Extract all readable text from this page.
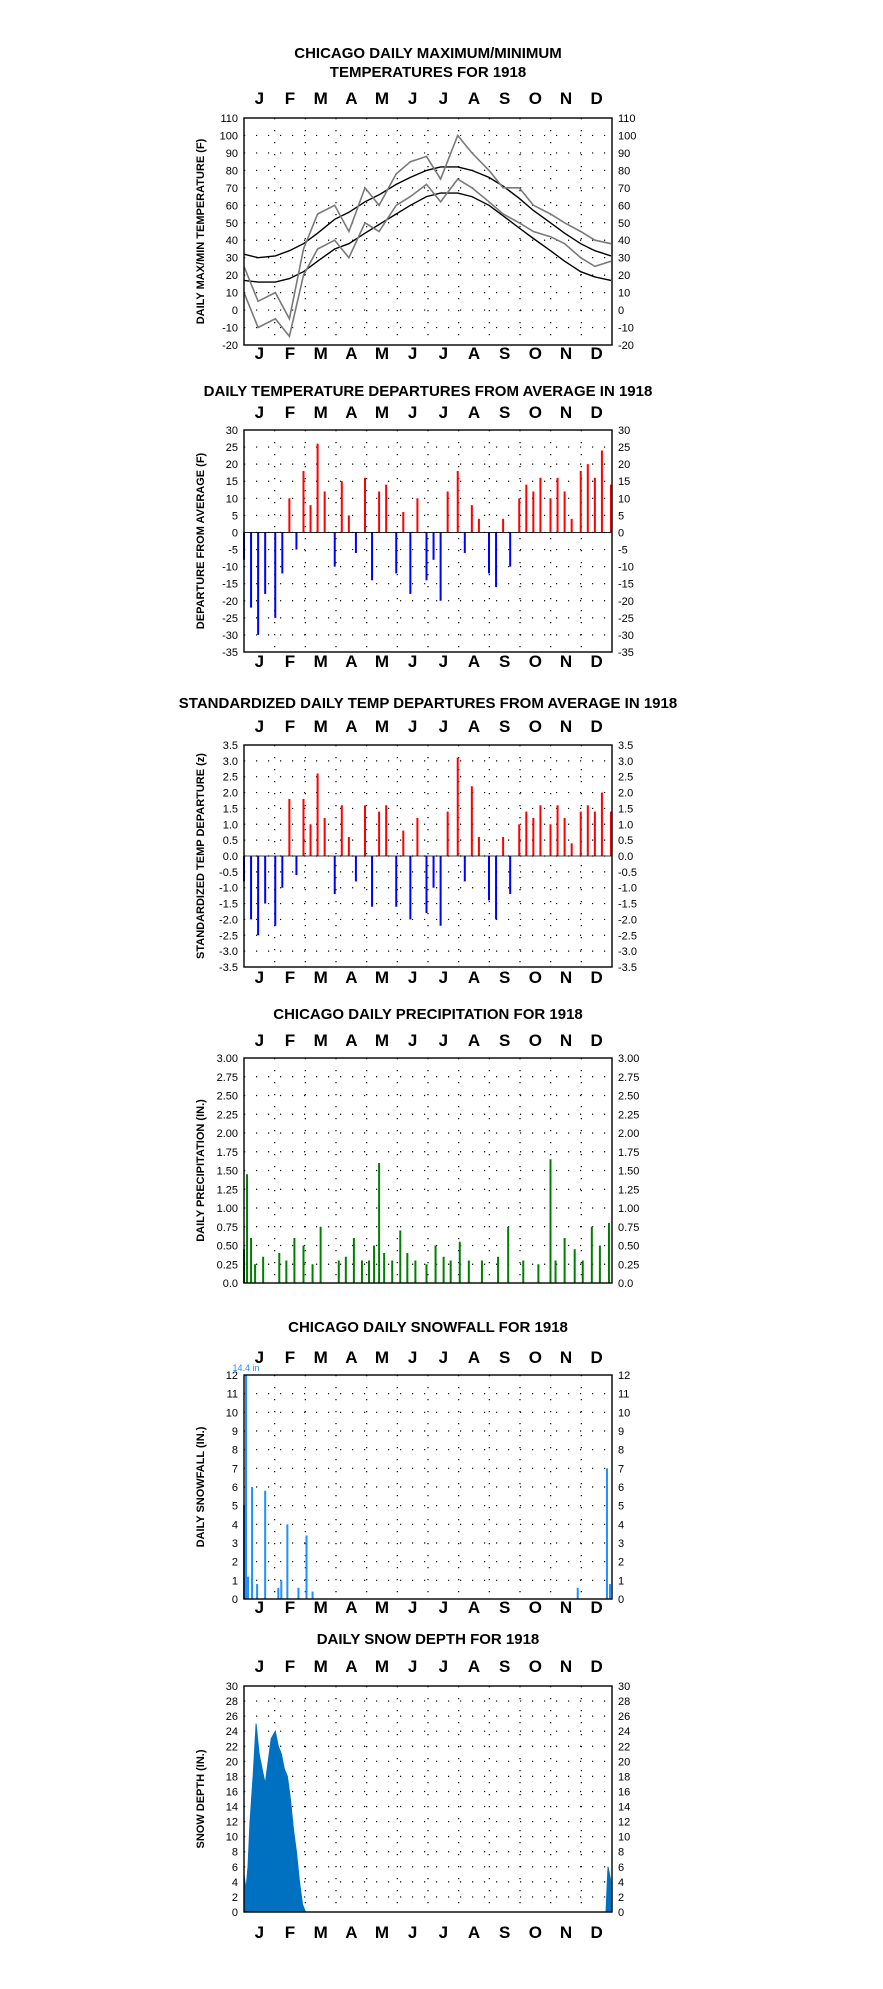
CHICAGO DAILY MAXIMUM/MINIMUM
TEMPERATURES FOR 1918
J F M A M J J A S O N D
J F M A M J J A S O N D
110	110
100	100
90	90
80	80
70	70
60	60
50	50
40	40
30	30
20	20
10	10
0	0
-10	-10
-20	-20
DAILY MAX/MIN TEMPERATURE (F)
DAILY TEMPERATURE DEPARTURES FROM AVERAGE IN 1918
J F M A M J J A S O N D
J F M A M J J A S O N D
30	30
25	25
20	20
15	15
10	10
5	5
0	0
-5	-5
-10	-10
-15	-15
-20	-20
-25	-25
-30	-30
-35	-35
DEPARTURE FROM AVERAGE (F)
STANDARDIZED DAILY TEMP DEPARTURES FROM AVERAGE IN 1918
J F M A M J J A S O N D
J F M A M J J A S O N D
3.5	3.5
3.0	3.0
2.5	2.5
2.0	2.0
1.5	1.5
1.0	1.0
0.5	0.5
0.0	0.0
-0.5	-0.5
-1.0	-1.0
-1.5	-1.5
-2.0	-2.0
-2.5	-2.5
-3.0	-3.0
-3.5	-3.5
STANDARDIZED TEMP DEPARTURE (z)
CHICAGO DAILY PRECIPITATION FOR 1918
J F M A M J J A S O N D
3.00	3.00
2.75	2.75
2.50	2.50
2.25	2.25
2.00	2.00
1.75	1.75
1.50	1.50
1.25	1.25
1.00	1.00
0.75	0.75
0.50	0.50
0.25	0.25
0.0	0.0
DAILY PRECIPITATION (IN.)
CHICAGO DAILY SNOWFALL FOR 1918
J F M A M J J A S O N D
J F M A M J J A S O N D
12	12
11	11
10	10
9	9
8	8
7	7
6	6
5	5
4	4
3	3
2	2
1	1
0	0
DAILY SNOWFALL (IN.)
14.4 in
DAILY SNOW DEPTH FOR 1918
J F M A M J J A S O N D
J F M A M J J A S O N D
30	30
28	28
26	26
24	24
22	22
20	20
18	18
16	16
14	14
12	12
10	10
8	8
6	6
4	4
2	2
0	0
SNOW DEPTH (IN.)
